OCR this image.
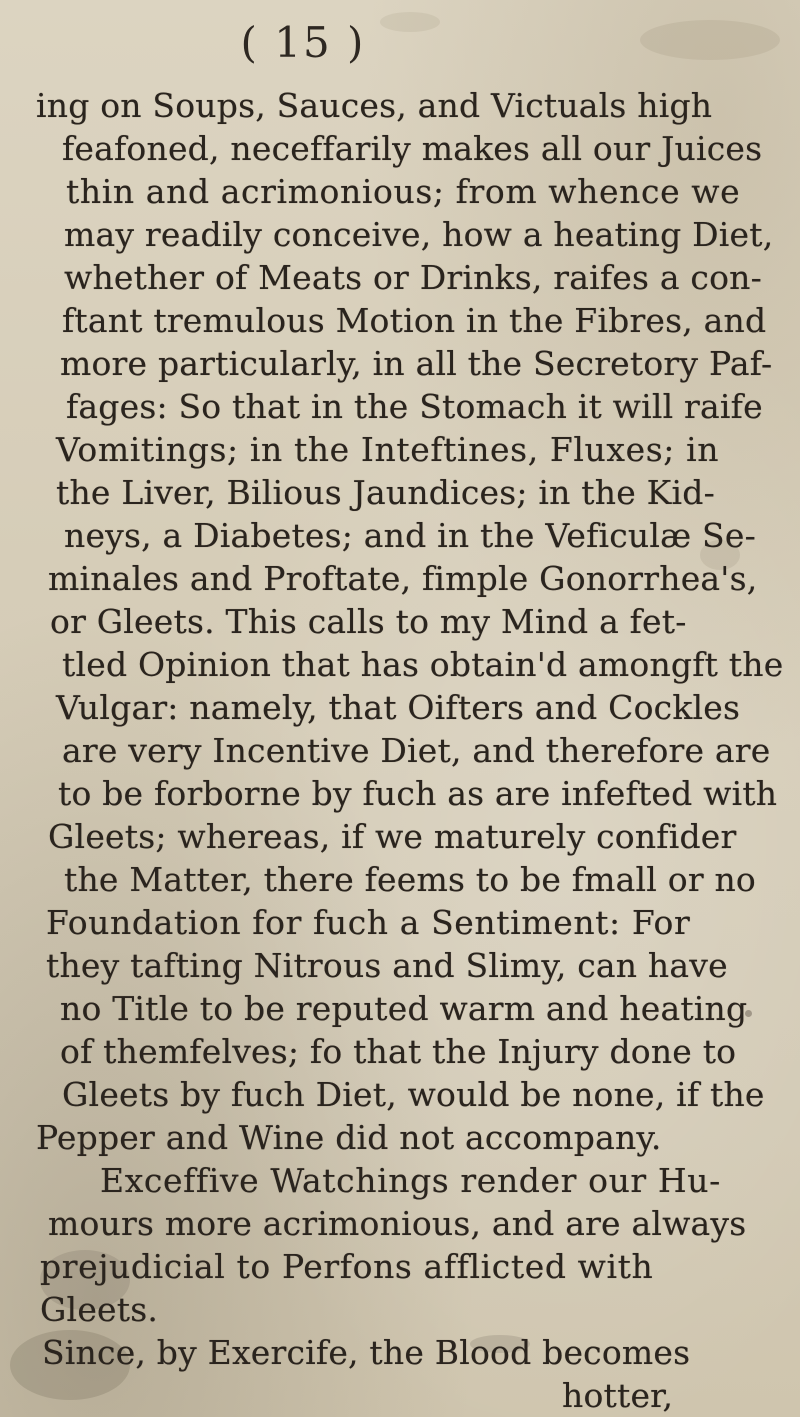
( 15 )
ing on Soups, Sauces, and Victuals high
feafoned, neceffarily makes all our Juices
thin and acrimonious; from whence we
may readily conceive, how a heating Diet,
whether of Meats or Drinks, raifes a con-
ftant tremulous Motion in the Fibres, and
more particularly, in all the Secretory Paf-
fages: So that in the Stomach it will raife
Vomitings; in the Inteftines, Fluxes; in
the Liver, Bilious Jaundices; in the Kid-
neys, a Diabetes; and in the Veficulæ Se-
minales and Proftate, fimple Gonorrhea's,
or Gleets. This calls to my Mind a fet-
tled Opinion that has obtain'd amongft the
Vulgar: namely, that Oifters and Cockles
are very Incentive Diet, and therefore are
to be forborne by fuch as are infefted with
Gleets; whereas, if we maturely confider
the Matter, there feems to be fmall or no
Foundation for fuch a Sentiment: For
they tafting Nitrous and Slimy, can have
no Title to be reputed warm and heating
of themfelves; fo that the Injury done to
Gleets by fuch Diet, would be none, if the
Pepper and Wine did not accompany.
Exceffive Watchings render our Hu-
mours more acrimonious, and are always
prejudicial to Perfons afflicted with
Gleets.
Since, by Exercife, the Blood becomes
hotter,
